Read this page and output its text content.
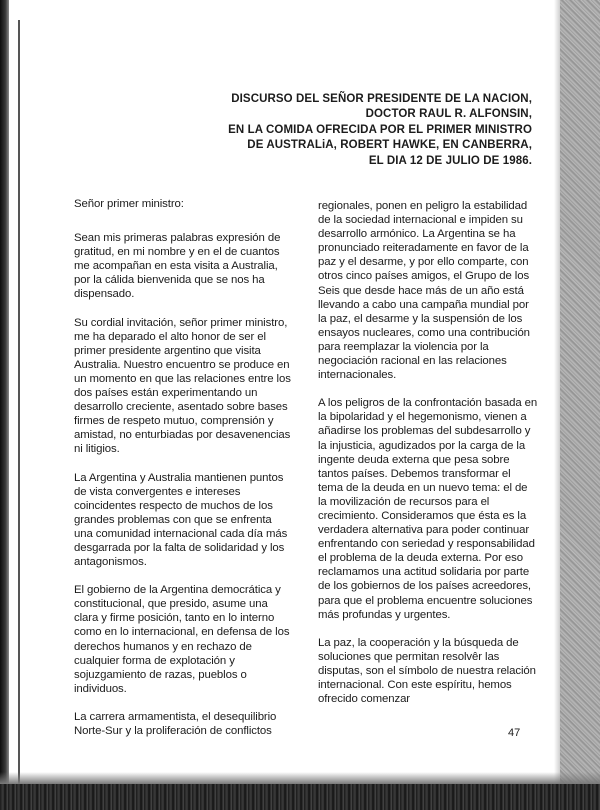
DISCURSO DEL SEÑOR PRESIDENTE DE LA NACION,
DOCTOR RAUL R. ALFONSIN,
EN LA COMIDA OFRECIDA POR EL PRIMER MINISTRO
DE AUSTRALiA, ROBERT HAWKE, EN CANBERRA,
EL DIA 12 DE JULIO DE 1986.

Señor primer ministro:

Sean mis primeras palabras expresión de gratitud, en mi nombre y en el de cuantos me acompañan en esta visita a Australia, por la cálida bienvenida que se nos ha dispensado.

Su cordial invitación, señor primer ministro, me ha deparado el alto honor de ser el primer presidente argentino que visita Australia. Nuestro encuentro se produce en un momento en que las relaciones entre los dos países están experimentando un desarrollo creciente, asentado sobre bases firmes de respeto mutuo, comprensión y amistad, no enturbiadas por desavenencias ni litigios.

La Argentina y Australia mantienen puntos de vista convergentes e intereses coincidentes respecto de muchos de los grandes problemas con que se enfrenta una comunidad internacional cada día más desgarrada por la falta de solidaridad y los antagonismos.

El gobierno de la Argentina democrática y constitucional, que presido, asume una clara y firme posición, tanto en lo interno como en lo internacional, en defensa de los derechos humanos y en rechazo de cualquier forma de explotación y sojuzgamiento de razas, pueblos o individuos.

La carrera armamentista, el desequilibrio Norte-Sur y la proliferación de conflictos

regionales, ponen en peligro la estabilidad de la sociedad internacional e impiden su desarrollo armónico. La Argentina se ha pronunciado reiteradamente en favor de la paz y el desarme, y por ello comparte, con otros cinco países amigos, el Grupo de los Seis que desde hace más de un año está llevando a cabo una campaña mundial por la paz, el desarme y la suspensión de los ensayos nucleares, como una contribución para reemplazar la violencia por la negociación racional en las relaciones internacionales.

A los peligros de la confrontación basada en la bipolaridad y el hegemonismo, vienen a añadirse los problemas del subdesarrollo y la injusticia, agudizados por la carga de la ingente deuda externa que pesa sobre tantos países. Debemos transformar el tema de la deuda en un nuevo tema: el de la movilización de recursos para el crecimiento. Consideramos que ésta es la verdadera alternativa para poder continuar enfrentando con seriedad y responsabilidad el problema de la deuda externa. Por eso reclamamos una actitud solidaria por parte de los gobiernos de los países acreedores, para que el problema encuentre soluciones más profundas y urgentes.

La paz, la cooperación y la búsqueda de soluciones que permitan resolvêr las disputas, son el símbolo de nuestra relación internacional. Con este espíritu, hemos ofrecido comenzar

47
